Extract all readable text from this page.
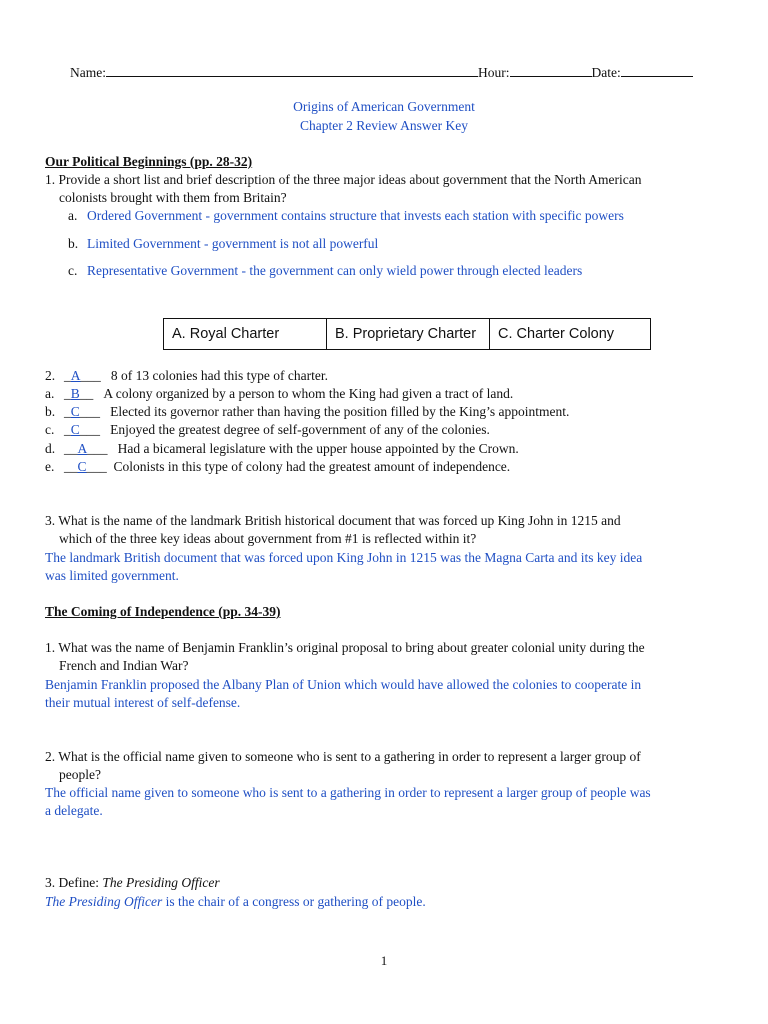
Name:	Hour:	Date:
Origins of American Government
Chapter 2 Review Answer Key
Our Political Beginnings (pp. 28-32)
1. Provide a short list and brief description of the three major ideas about government that the North American
colonists brought with them from Britain?
a. Ordered Government - government contains structure that invests each station with specific powers
b. Limited Government - government is not all powerful
c. Representative Government - the government can only wield power through elected leaders
A. Royal Charter	B. Proprietary Charter	C. Charter Colony
2. _A___ 8 of 13 colonies had this type of charter.
a. _B__ A colony organized by a person to whom the King had given a tract of land.
b. _C___ Elected its governor rather than having the position filled by the King’s appointment.
c. _C___ Enjoyed the greatest degree of self-government of any of the colonies.
d. __A___ Had a bicameral legislature with the upper house appointed by the Crown.
e. __C___ Colonists in this type of colony had the greatest amount of independence.
3. What is the name of the landmark British historical document that was forced up King John in 1215 and
which of the three key ideas about government from #1 is reflected within it?
The landmark British document that was forced upon King John in 1215 was the Magna Carta and its key idea
was limited government.
The Coming of Independence (pp. 34-39)
1. What was the name of Benjamin Franklin’s original proposal to bring about greater colonial unity during the
French and Indian War?
Benjamin Franklin proposed the Albany Plan of Union which would have allowed the colonies to cooperate in
their mutual interest of self-defense.
2. What is the official name given to someone who is sent to a gathering in order to represent a larger group of
people?
The official name given to someone who is sent to a gathering in order to represent a larger group of people was
a delegate.
3. Define: The Presiding Officer
The Presiding Officer is the chair of a congress or gathering of people.
1
